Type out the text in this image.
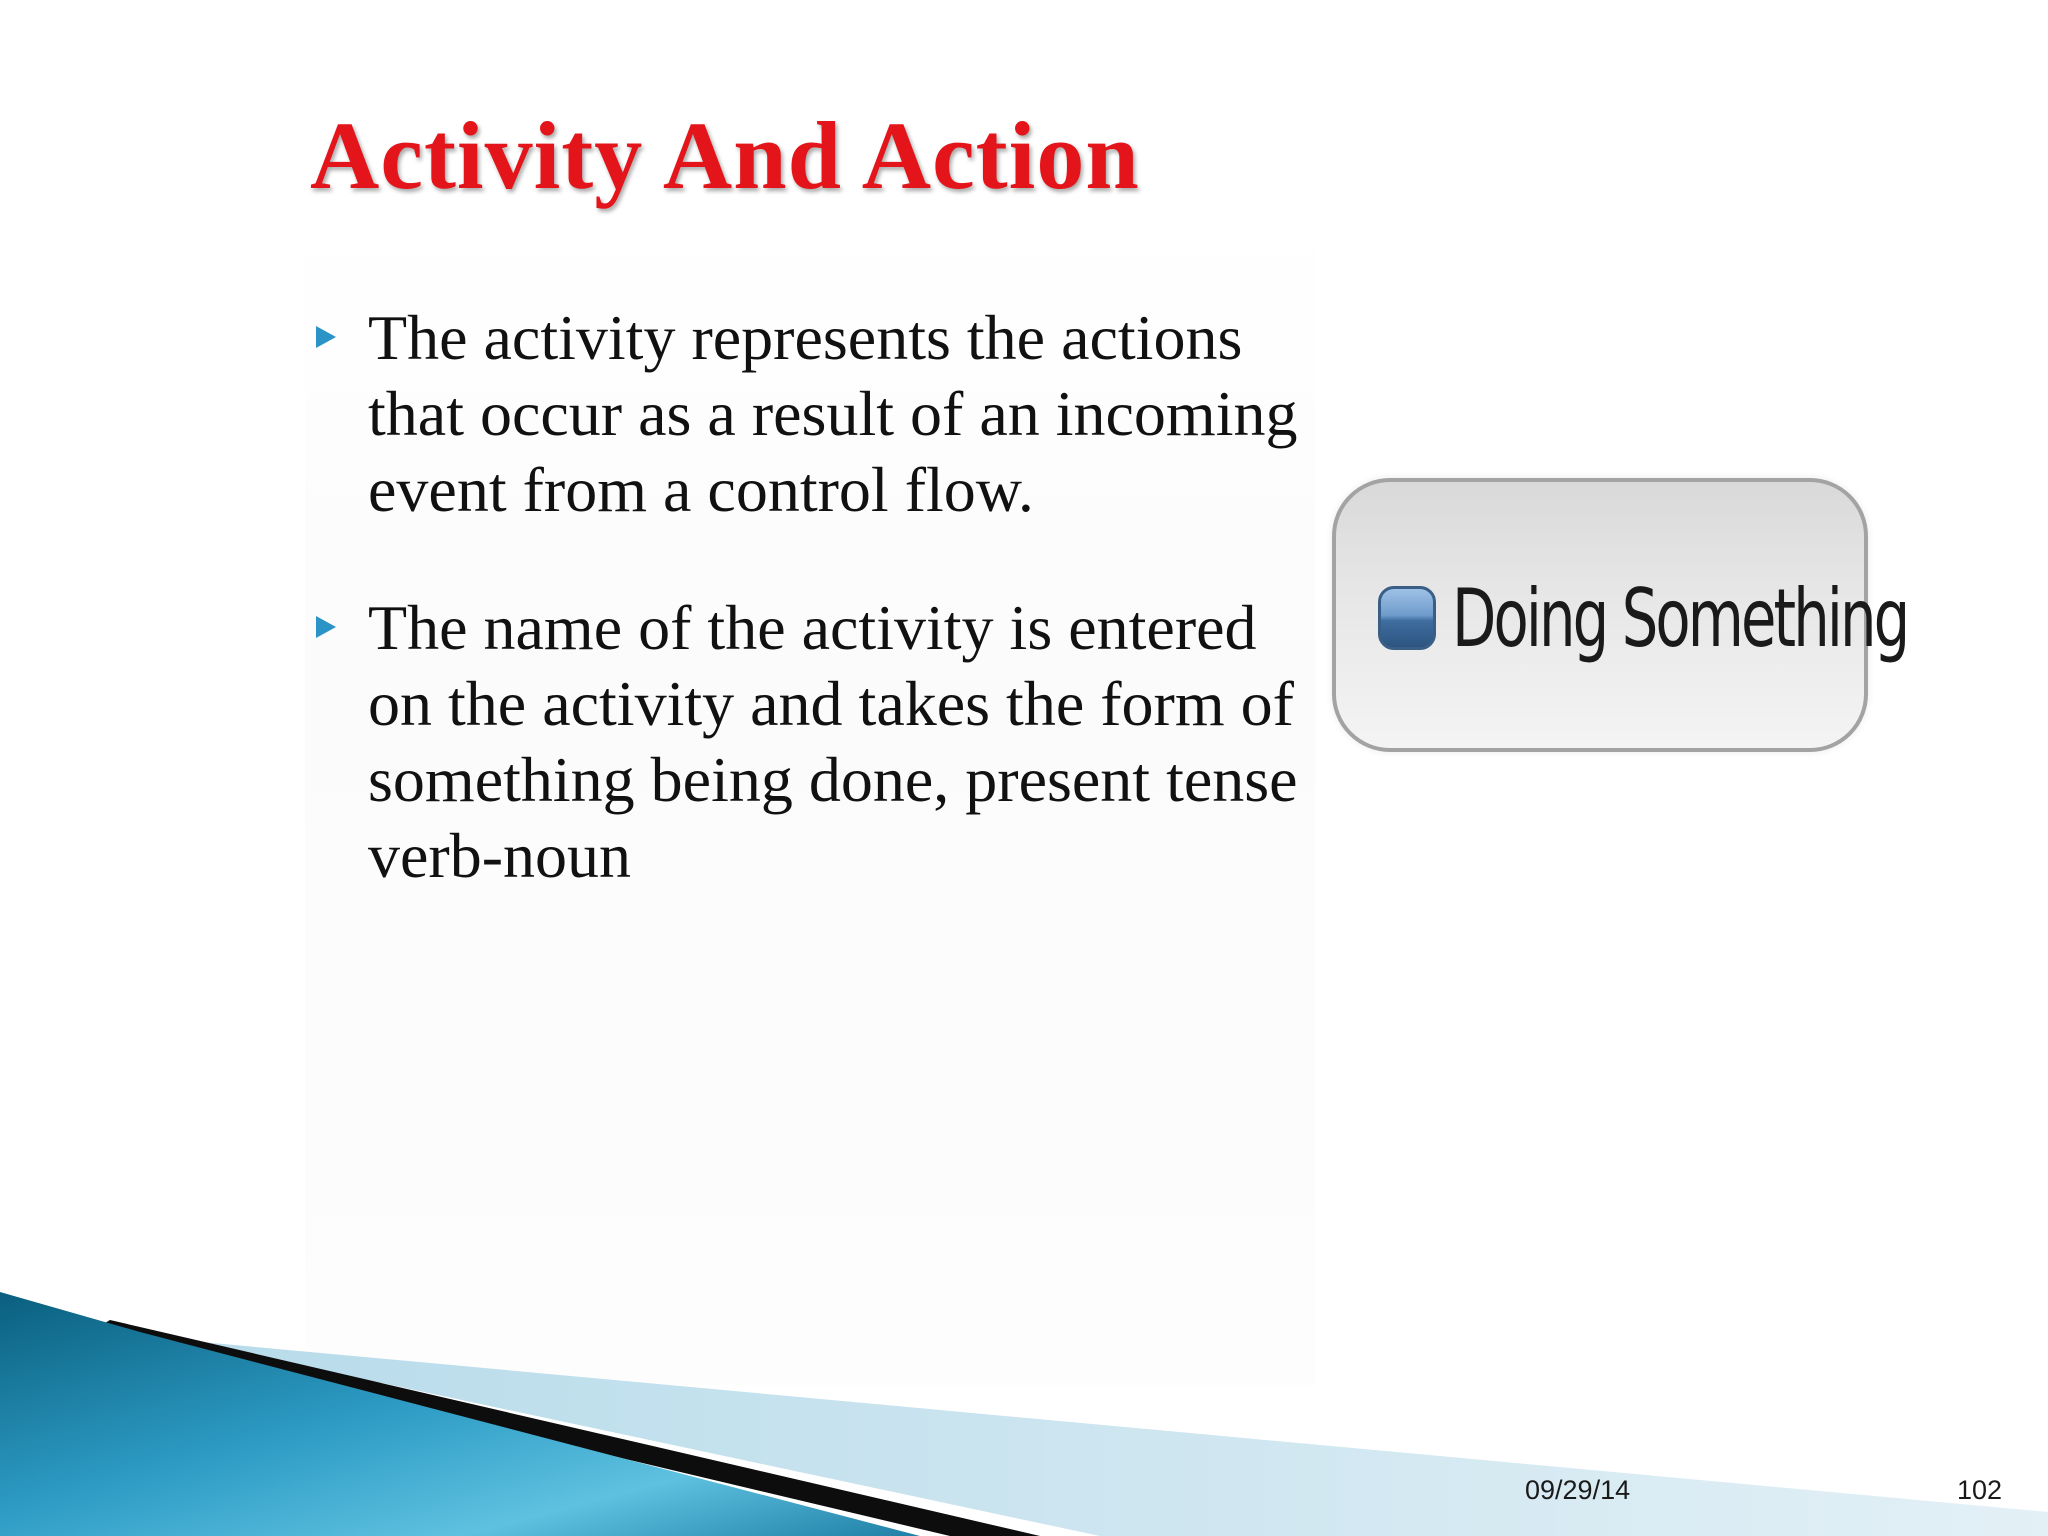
Activity And Action
The activity represents the actions that occur as a result of an incoming event from a control flow.
The name of the activity is entered on the activity and takes the form of something being done, present tense verb-noun
Doing Something
09/29/14	102
